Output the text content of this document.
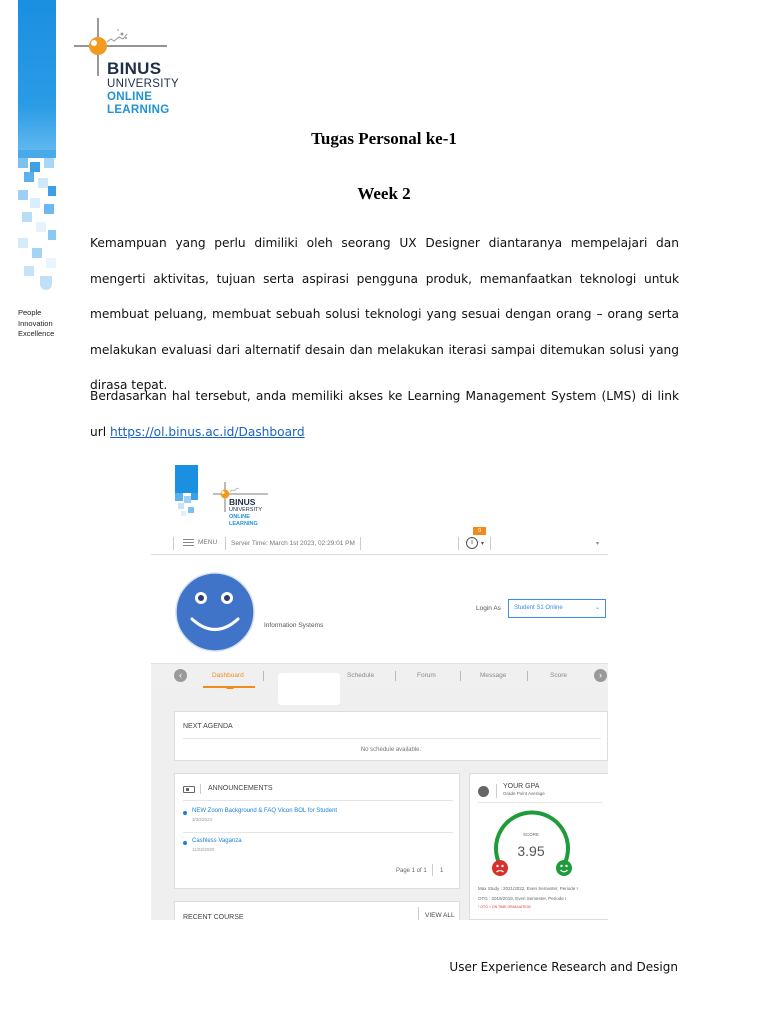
People
Innovation
Excellence
BINUS
UNIVERSITY
ONLINE
LEARNING
Tugas Personal ke-1
Week 2
Kemampuan yang perlu dimiliki oleh seorang UX Designer diantaranya mempelajari dan mengerti aktivitas, tujuan serta aspirasi pengguna produk, memanfaatkan teknologi untuk membuat peluang, membuat sebuah solusi teknologi yang sesuai dengan orang – orang serta melakukan evaluasi dari alternatif desain dan melakukan iterasi sampai ditemukan solusi yang dirasa tepat.
Berdasarkan hal tersebut, anda memiliki akses ke Learning Management System (LMS) di link url https://ol.binus.ac.id/Dashboard
BINUS
UNIVERSITY
ONLINE
LEARNING
MENU Server Time: March 1st 2023, 02:29:01 PM
0
i	▾	▾
Information Systems
Login As	Student S1 Online	⌄
‹	Dashboard	Schedule	Forum	Message	Score	›
NEXT AGENDA
No schedule available.
ANNOUNCEMENTS
NEW Zoom Background & FAQ Vicon BOL for Student
3/30/2023
Cashless Vaganza
11/02/2020
Page 1 of 1 1
YOUR GPA
Grade Point Average
SCORE
3.95
Max Study : 2021/2022, Even Semester, Periode I
OTG : 2019/2019, Even Semester, Periode I
* OTG = ON TIME GRADUATION
RECENT COURSE	VIEW ALL
User Experience Research and Design
